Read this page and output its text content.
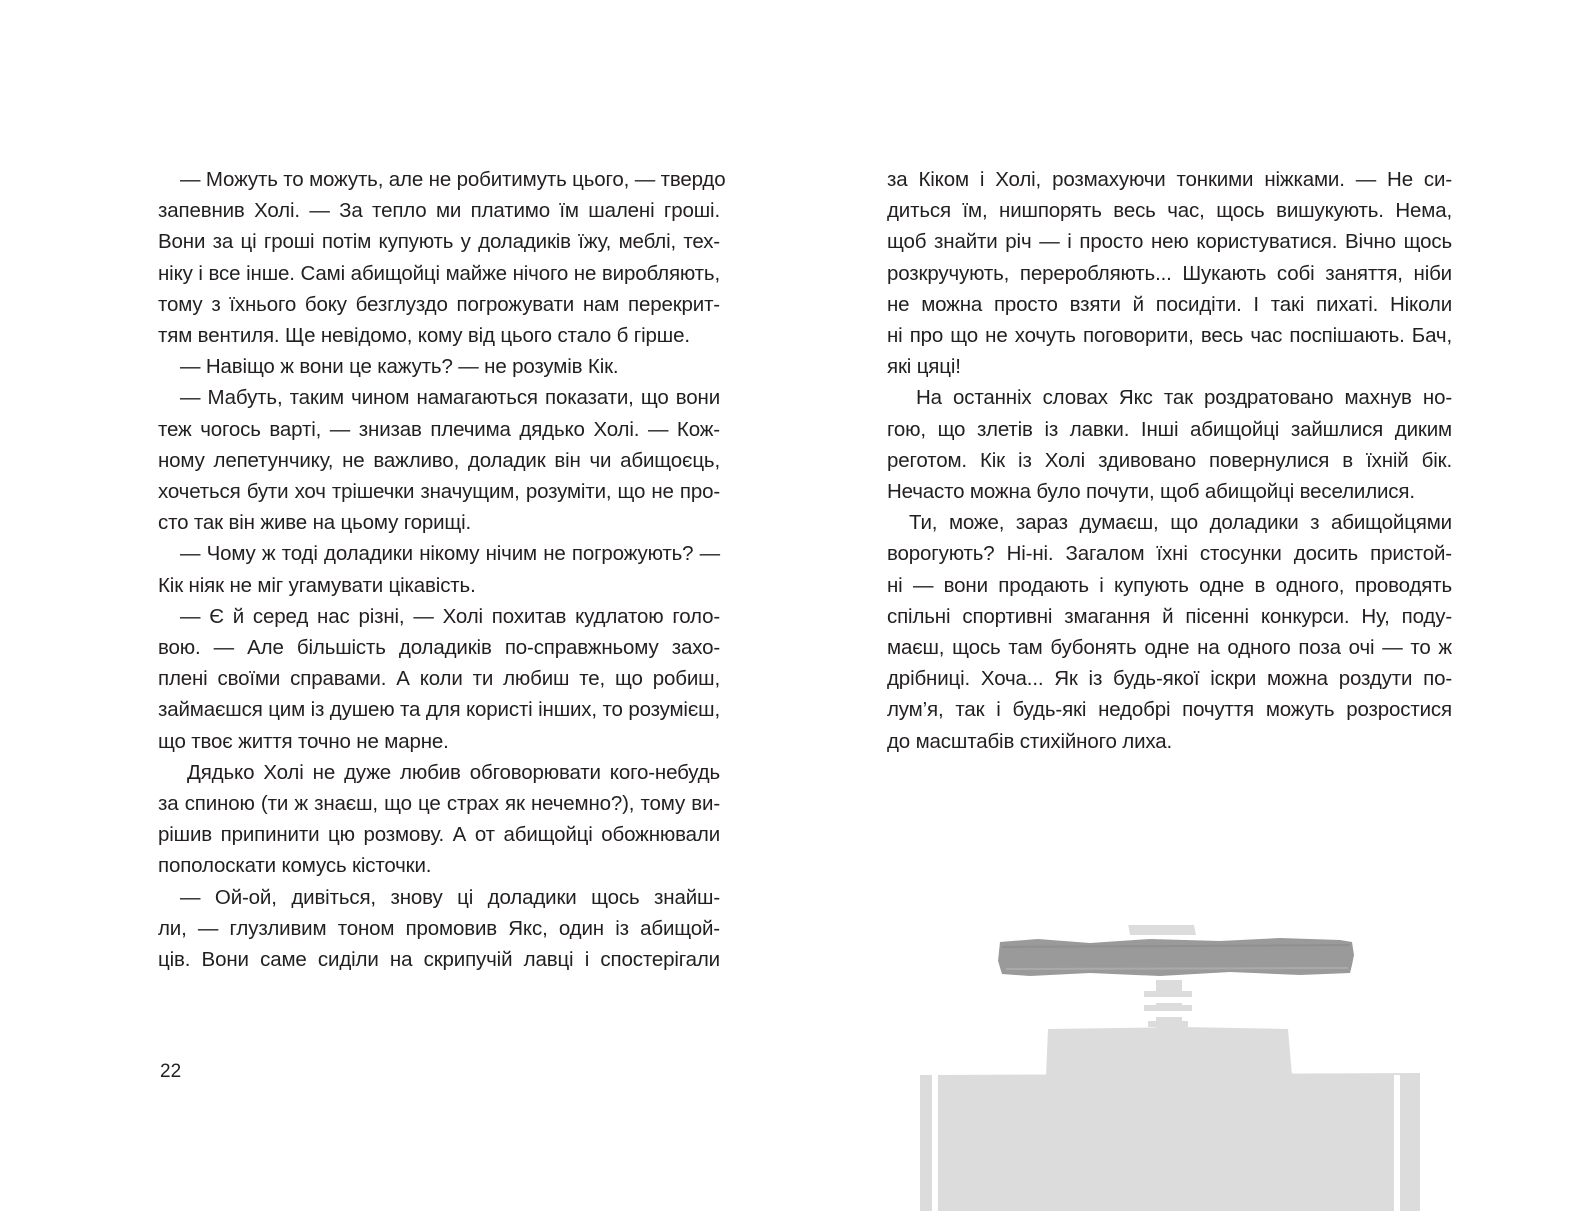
— Можуть то можуть, але не робитимуть цього, — твердо
запевнив Холі. — За тепло ми платимо їм шалені гроші.
Вони за ці гроші потім купують у доладиків їжу, меблі, тех-
ніку і все інше. Самі абищойці майже нічого не виробляють,
тому з їхнього боку безглуздо погрожувати нам перекрит-
тям вентиля. Ще невідомо, кому від цього стало б гірше.
— Навіщо ж вони це кажуть? — не розумів Кік.
— Мабуть, таким чином намагаються показати, що вони
теж чогось варті, — знизав плечима дядько Холі. — Кож-
ному лепетунчику, не важливо, доладик він чи абищоєць,
хочеться бути хоч трішечки значущим, розуміти, що не про-
сто так він живе на цьому горищі.
— Чому ж тоді доладики нікому нічим не погрожують? —
Кік ніяк не міг угамувати цікавість.
— Є й серед нас різні, — Холі похитав кудлатою голо-
вою. — Але більшість доладиків по-справжньому захо-
плені своїми справами. А коли ти любиш те, що робиш,
займаєшся цим із душею та для користі інших, то розумієш,
що твоє життя точно не марне.
Дядько Холі не дуже любив обговорювати кого-небудь
за спиною (ти ж знаєш, що це страх як нечемно?), тому ви-
рішив припинити цю розмову. А от абищойці обожнювали
пополоскати комусь кісточки.
— Ой-ой, дивіться, знову ці доладики щось знайш-
ли, — глузливим тоном промовив Якс, один із абищой-
ців. Вони саме сиділи на скрипучій лавці і спостерігали
за Кіком і Холі, розмахуючи тонкими ніжками. — Не си-
диться їм, нишпорять весь час, щось вишукують. Нема,
щоб знайти річ — і просто нею користуватися. Вічно щось
розкручують, переробляють... Шукають собі заняття, ніби
не можна просто взяти й посидіти. І такі пихаті. Ніколи
ні про що не хочуть поговорити, весь час поспішають. Бач,
які цяці!
На останніх словах Якс так роздратовано махнув но-
гою, що злетів із лавки. Інші абищойці зайшлися диким
реготом. Кік із Холі здивовано повернулися в їхній бік.
Нечасто можна було почути, щоб абищойці веселилися.
Ти, може, зараз думаєш, що доладики з абищойцями
ворогують? Ні-ні. Загалом їхні стосунки досить пристой-
ні — вони продають і купують одне в одного, проводять
спільні спортивні змагання й пісенні конкурси. Ну, поду-
маєш, щось там бубонять одне на одного поза очі — то ж
дрібниці. Хоча... Як із будь-якої іскри можна роздути по-
лум’я, так і будь-які недобрі почуття можуть розростися
до масштабів стихійного лиха.
22
